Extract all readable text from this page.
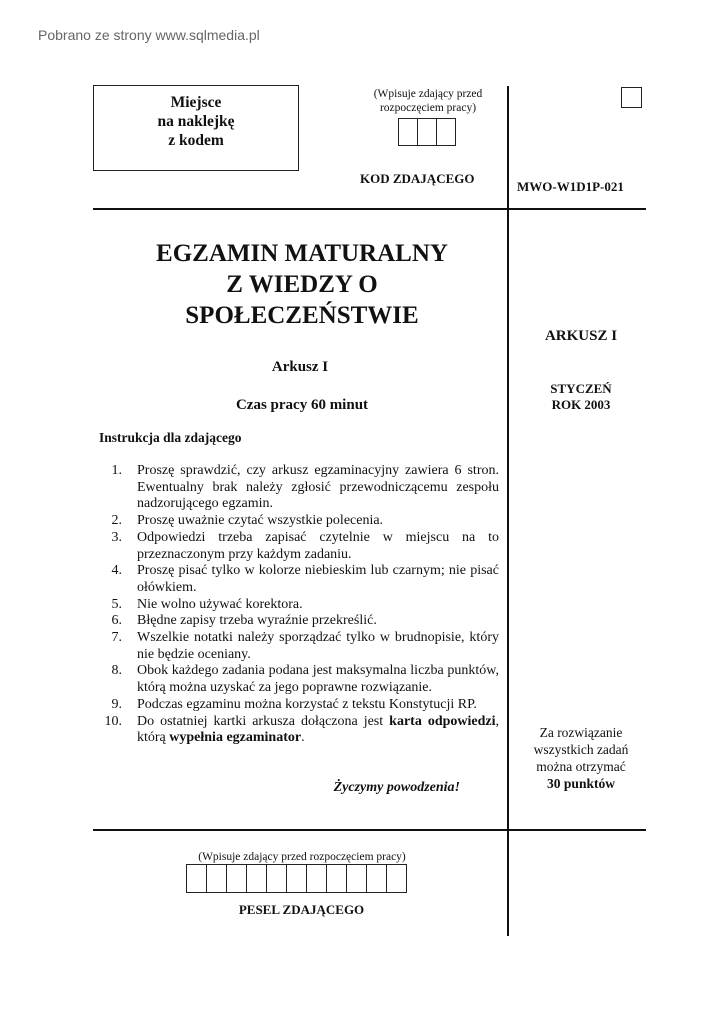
Pobrano ze strony www.sqlmedia.pl
Miejsce
na naklejkę
z kodem
(Wpisuje zdający przed
rozpoczęciem pracy)
KOD ZDAJĄCEGO
MWO-W1D1P-021
EGZAMIN MATURALNY
Z WIEDZY O
SPOŁECZEŃSTWIE
Arkusz I
Czas pracy 60 minut
Instrukcja dla zdającego
1. Proszę sprawdzić, czy arkusz egzaminacyjny zawiera 6 stron. Ewentualny brak należy zgłosić przewodniczącemu zespołu nadzorującego egzamin.
2. Proszę uważnie czytać wszystkie polecenia.
3. Odpowiedzi trzeba zapisać czytelnie w miejscu na to przeznaczonym przy każdym zadaniu.
4. Proszę pisać tylko w kolorze niebieskim lub czarnym; nie pisać ołówkiem.
5. Nie wolno używać korektora.
6. Błędne zapisy trzeba wyraźnie przekreślić.
7. Wszelkie notatki należy sporządzać tylko w brudnopisie, który nie będzie oceniany.
8. Obok każdego zadania podana jest maksymalna liczba punktów, którą można uzyskać za jego poprawne rozwiązanie.
9. Podczas egzaminu można korzystać z tekstu Konstytucji RP.
10. Do ostatniej kartki arkusza dołączona jest karta odpowiedzi, którą wypełnia egzaminator.
Życzymy powodzenia!
ARKUSZ I
STYCZEŃ
ROK 2003
Za rozwiązanie
wszystkich zadań
można otrzymać
30 punktów
(Wpisuje zdający przed rozpoczęciem pracy)
PESEL ZDAJĄCEGO
